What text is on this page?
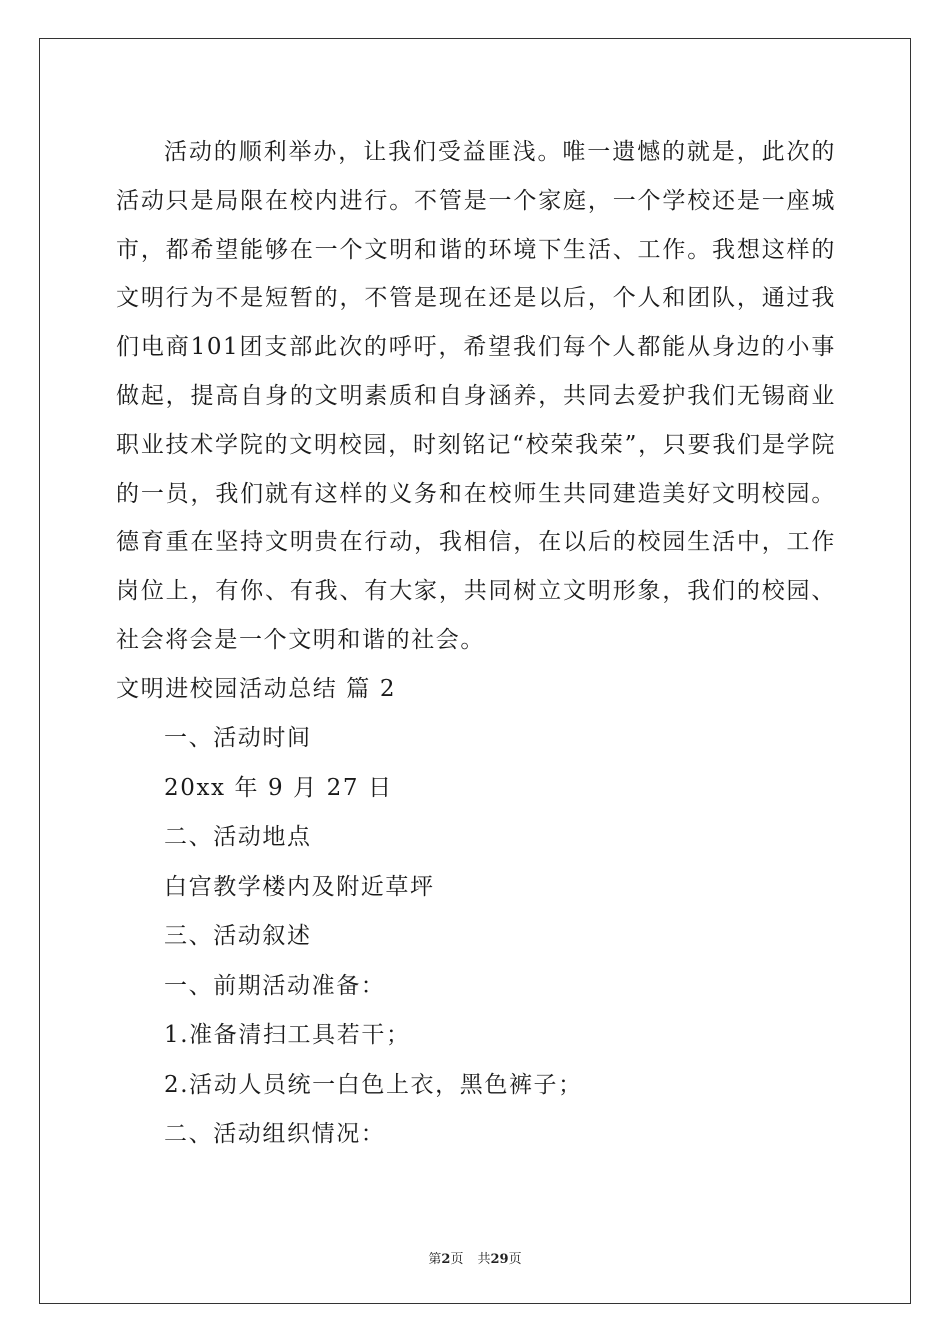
活动的顺利举办，让我们受益匪浅。唯一遗憾的就是，此次的活动只是局限在校内进行。不管是一个家庭，一个学校还是一座城市，都希望能够在一个文明和谐的环境下生活、工作。我想这样的文明行为不是短暂的，不管是现在还是以后，个人和团队，通过我们电商101团支部此次的呼吁，希望我们每个人都能从身边的小事做起，提高自身的文明素质和自身涵养，共同去爱护我们无锡商业职业技术学院的文明校园，时刻铭记“校荣我荣”，只要我们是学院的一员，我们就有这样的义务和在校师生共同建造美好文明校园。德育重在坚持文明贵在行动，我相信，在以后的校园生活中，工作岗位上，有你、有我、有大家，共同树立文明形象，我们的校园、社会将会是一个文明和谐的社会。

文明进校园活动总结 篇 2

一、活动时间

20xx 年 9 月 27 日

二、活动地点

白宫教学楼内及附近草坪

三、活动叙述

一、前期活动准备：

1.准备清扫工具若干；

2.活动人员统一白色上衣，黑色裤子；

二、活动组织情况：

第2页 共29页
